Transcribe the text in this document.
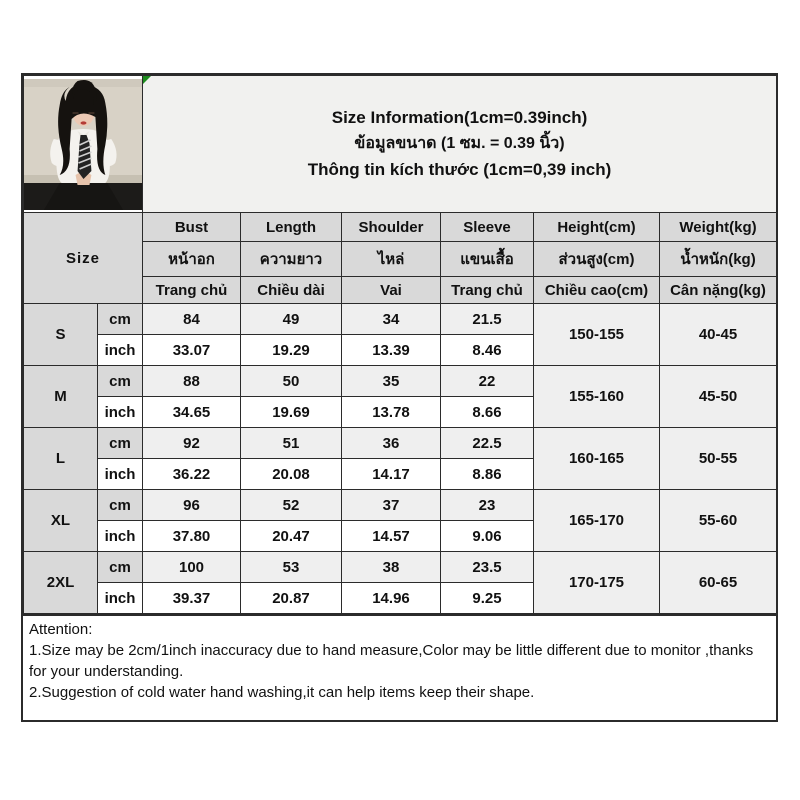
Size Information(1cm=0.39inch)
ข้อมูลขนาด (1 ซม. = 0.39 นิ้ว)
Thông tin kích thước (1cm=0,39 inch)					

Size		Bust	Length	Shoulder	Sleeve	Height(cm)	Weight(kg)
		หน้าอก	ความยาว	ไหล่	แขนเสื้อ	ส่วนสูง(cm)	น้ำหนัก(kg)
		Trang chủ	Chiều dài	Vai	Trang chủ	Chiều cao(cm)	Cân nặng(kg)
S	cm	84	49	34	21.5	150-155	40-45
	inch	33.07	19.29	13.39	8.46		
M	cm	88	50	35	22	155-160	45-50
	inch	34.65	19.69	13.78	8.66		
L	cm	92	51	36	22.5	160-165	50-55
	inch	36.22	20.08	14.17	8.86		
XL	cm	96	52	37	23	165-170	55-60
	inch	37.80	20.47	14.57	9.06		
2XL	cm	100	53	38	23.5	170-175	60-65
	inch	39.37	20.87	14.96	9.25		
Attention:
1.Size may be 2cm/1inch inaccuracy due to hand measure,Color may be little different due to monitor ,thanks for your understanding.
2.Suggestion of cold water hand washing,it can help items keep their shape.
